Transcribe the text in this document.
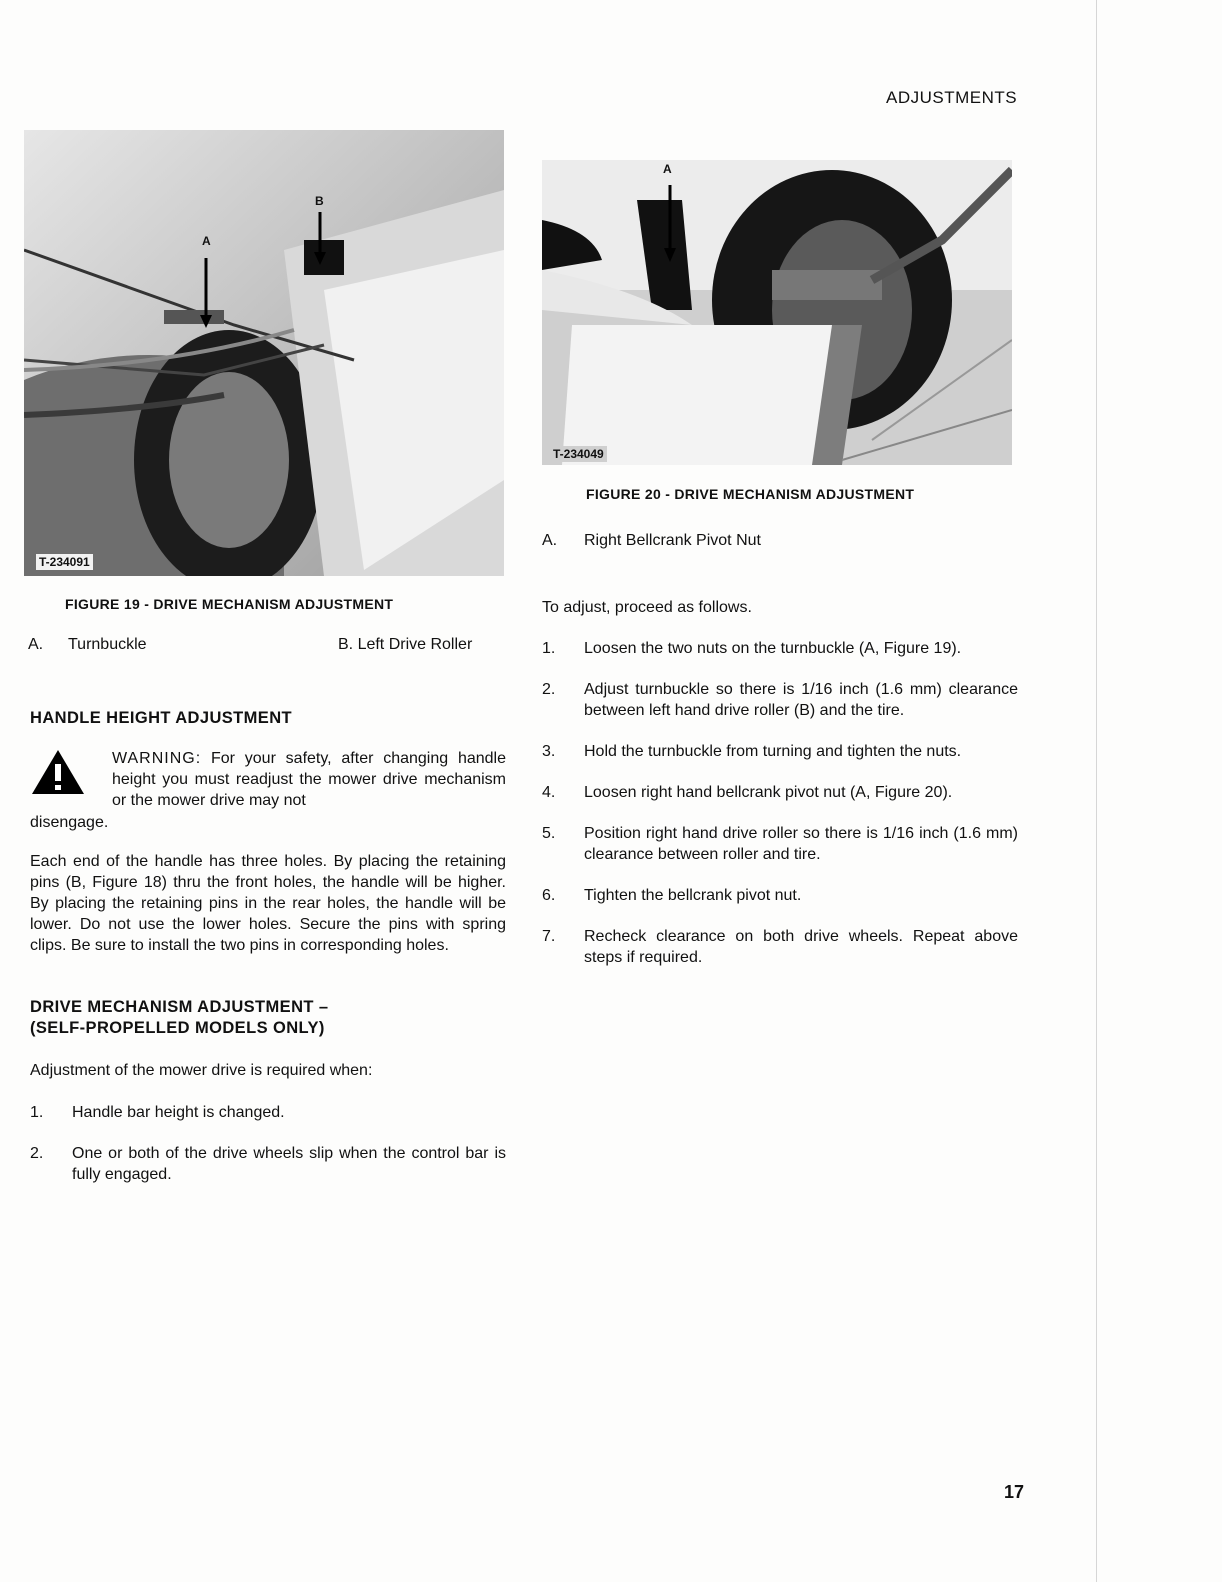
ADJUSTMENTS
A
B
T-234091
FIGURE 19 - DRIVE MECHANISM ADJUSTMENT
A. Turnbuckle	B. Left Drive Roller
HANDLE HEIGHT ADJUSTMENT
WARNING: For your safety, after changing handle height you must readjust the mower drive mechanism or the mower drive may not
disengage.
Each end of the handle has three holes. By placing the retaining pins (B, Figure 18) thru the front holes, the handle will be higher. By placing the retaining pins in the rear holes, the handle will be lower. Do not use the lower holes. Secure the pins with spring clips. Be sure to install the two pins in corresponding holes.
DRIVE MECHANISM ADJUSTMENT –
(SELF-PROPELLED MODELS ONLY)
Adjustment of the mower drive is required when:
1.	Handle bar height is changed.
2.	One or both of the drive wheels slip when the control bar is fully engaged.
A
T-234049
FIGURE 20 - DRIVE MECHANISM ADJUSTMENT
A. Right Bellcrank Pivot Nut
To adjust, proceed as follows.
1.	Loosen the two nuts on the turnbuckle (A, Figure 19).
2.	Adjust turnbuckle so there is 1/16 inch (1.6 mm) clearance between left hand drive roller (B) and the tire.
3.	Hold the turnbuckle from turning and tighten the nuts.
4.	Loosen right hand bellcrank pivot nut (A, Figure 20).
5.	Position right hand drive roller so there is 1/16 inch (1.6 mm) clearance between roller and tire.
6.	Tighten the bellcrank pivot nut.
7.	Recheck clearance on both drive wheels. Repeat above steps if required.
17
